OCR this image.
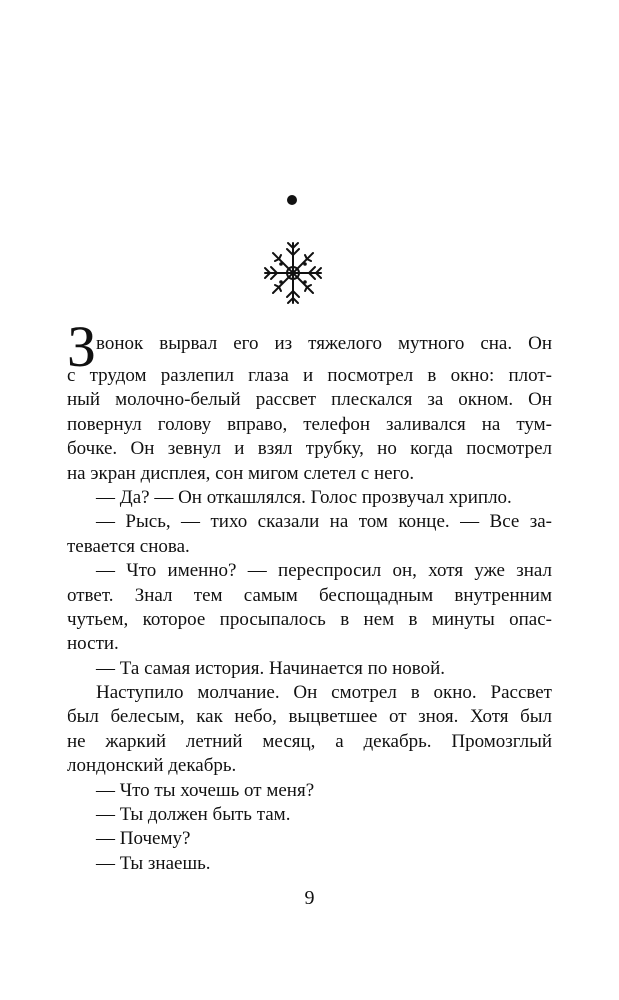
З вонок вырвал его из тяжелого мутного сна. Он
с трудом разлепил глаза и посмотрел в окно: плот-
ный молочно-белый рассвет плескался за окном. Он
повернул голову вправо, телефон заливался на тум-
бочке. Он зевнул и взял трубку, но когда посмотрел
на экран дисплея, сон мигом слетел с него.
— Да? — Он откашлялся. Голос прозвучал хрипло.
— Рысь, — тихо сказали на том конце. — Все за-
тевается снова.
— Что именно? — переспросил он, хотя уже знал
ответ. Знал тем самым беспощадным внутренним
чутьем, которое просыпалось в нем в минуты опас-
ности.
— Та самая история. Начинается по новой.
Наступило молчание. Он смотрел в окно. Рассвет
был белесым, как небо, выцветшее от зноя. Хотя был
не жаркий летний месяц, а декабрь. Промозглый
лондонский декабрь.
— Что ты хочешь от меня?
— Ты должен быть там.
— Почему?
— Ты знаешь.
9
